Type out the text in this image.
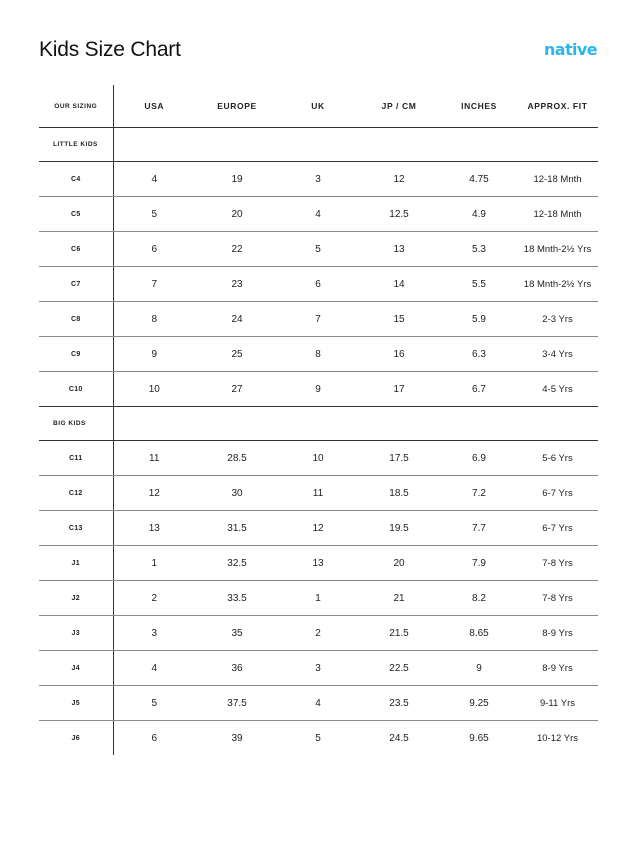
Kids Size Chart	native
OUR SIZING	USA	EUROPE	UK	JP / CM	INCHES	APPROX. FIT
LITTLE KIDS						
C4	4	19	3	12	4.75	12-18 Mnth
C5	5	20	4	12.5	4.9	12-18 Mnth
C6	6	22	5	13	5.3	18 Mnth-2½ Yrs
C7	7	23	6	14	5.5	18 Mnth-2½ Yrs
C8	8	24	7	15	5.9	2-3 Yrs
C9	9	25	8	16	6.3	3-4 Yrs
C10	10	27	9	17	6.7	4-5 Yrs
BIG KIDS						
C11	11	28.5	10	17.5	6.9	5-6 Yrs
C12	12	30	11	18.5	7.2	6-7 Yrs
C13	13	31.5	12	19.5	7.7	6-7 Yrs
J1	1	32.5	13	20	7.9	7-8 Yrs
J2	2	33.5	1	21	8.2	7-8 Yrs
J3	3	35	2	21.5	8.65	8-9 Yrs
J4	4	36	3	22.5	9	8-9 Yrs
J5	5	37.5	4	23.5	9.25	9-11 Yrs
J6	6	39	5	24.5	9.65	10-12 Yrs
